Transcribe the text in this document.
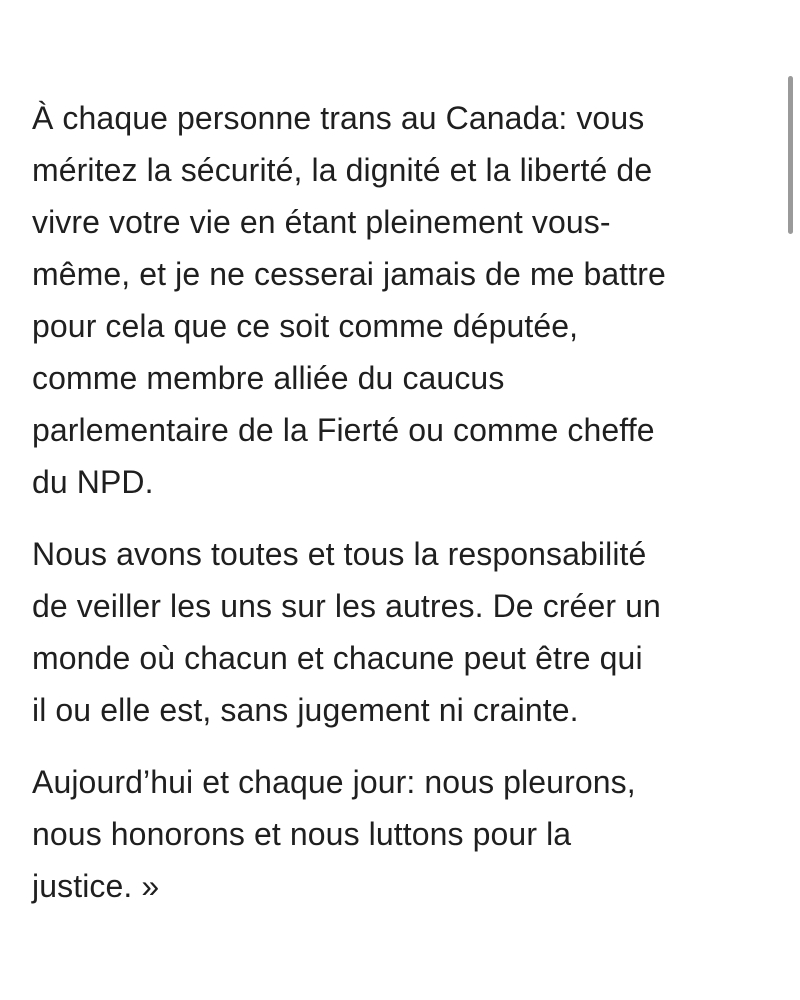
À chaque personne trans au Canada: vous
méritez la sécurité, la dignité et la liberté de
vivre votre vie en étant pleinement vous-
même, et je ne cesserai jamais de me battre
pour cela que ce soit comme députée,
comme membre alliée du caucus
parlementaire de la Fierté ou comme cheffe
du NPD.

Nous avons toutes et tous la responsabilité
de veiller les uns sur les autres. De créer un
monde où chacun et chacune peut être qui
il ou elle est, sans jugement ni crainte.

Aujourd’hui et chaque jour: nous pleurons,
nous honorons et nous luttons pour la
justice. »
